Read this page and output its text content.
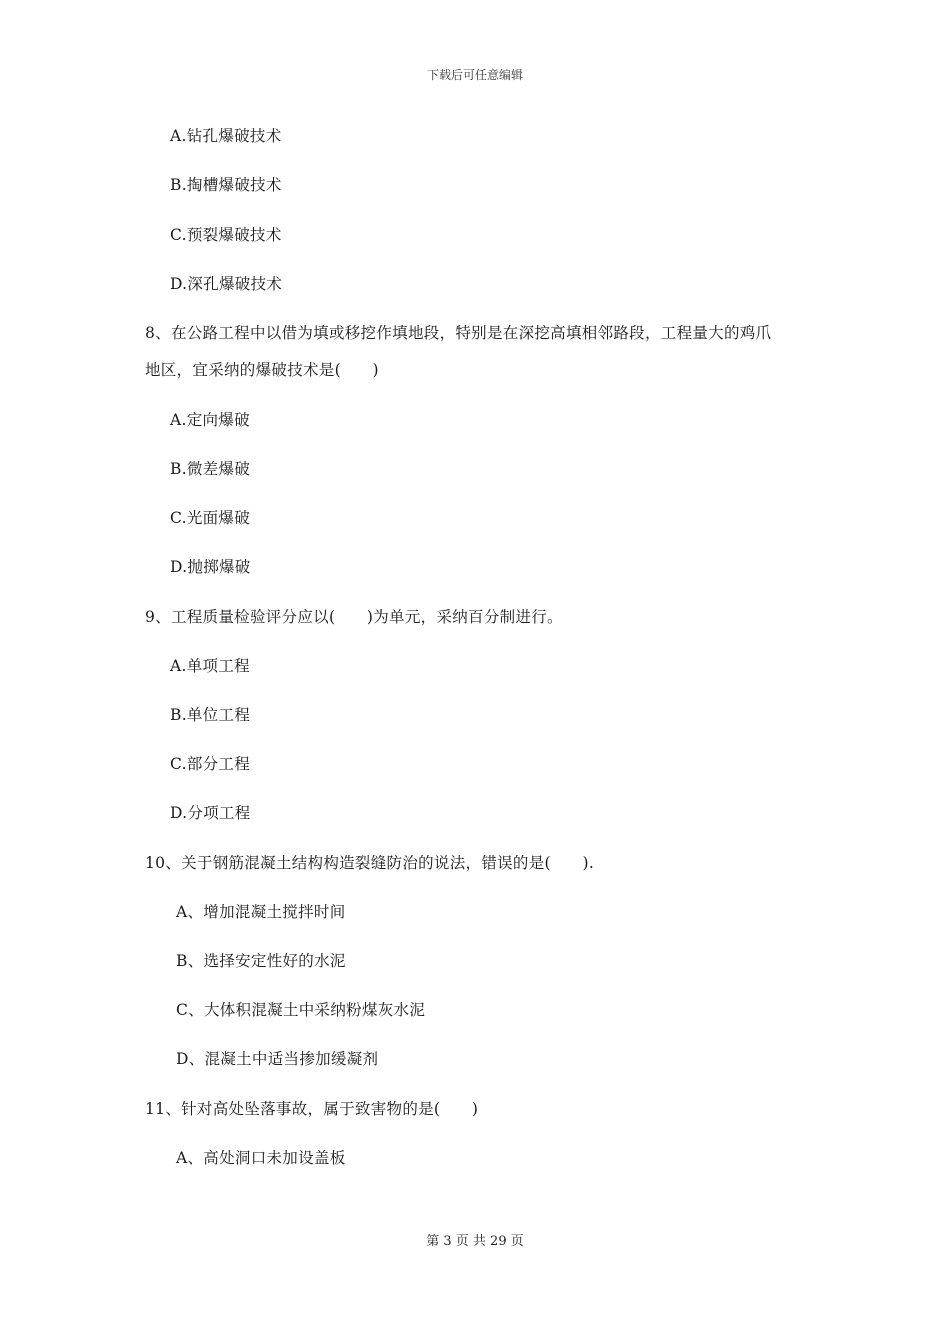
下载后可任意编辑
A.钻孔爆破技术
B.掏槽爆破技术
C.预裂爆破技术
D.深孔爆破技术
8、在公路工程中以借为填或移挖作填地段，特别是在深挖高填相邻路段，工程量大的鸡爪
地区，宜采纳的爆破技术是(　　)
A.定向爆破
B.微差爆破
C.光面爆破
D.抛掷爆破
9、工程质量检验评分应以(　　)为单元，采纳百分制进行。
A.单项工程
B.单位工程
C.部分工程
D.分项工程
10、关于钢筋混凝土结构构造裂缝防治的说法，错误的是(　　).
A、增加混凝土搅拌时间
B、选择安定性好的水泥
C、大体积混凝土中采纳粉煤灰水泥
D、混凝土中适当掺加缓凝剂
11、针对高处坠落事故，属于致害物的是(　　)
A、高处洞口未加设盖板
第 3 页 共 29 页
